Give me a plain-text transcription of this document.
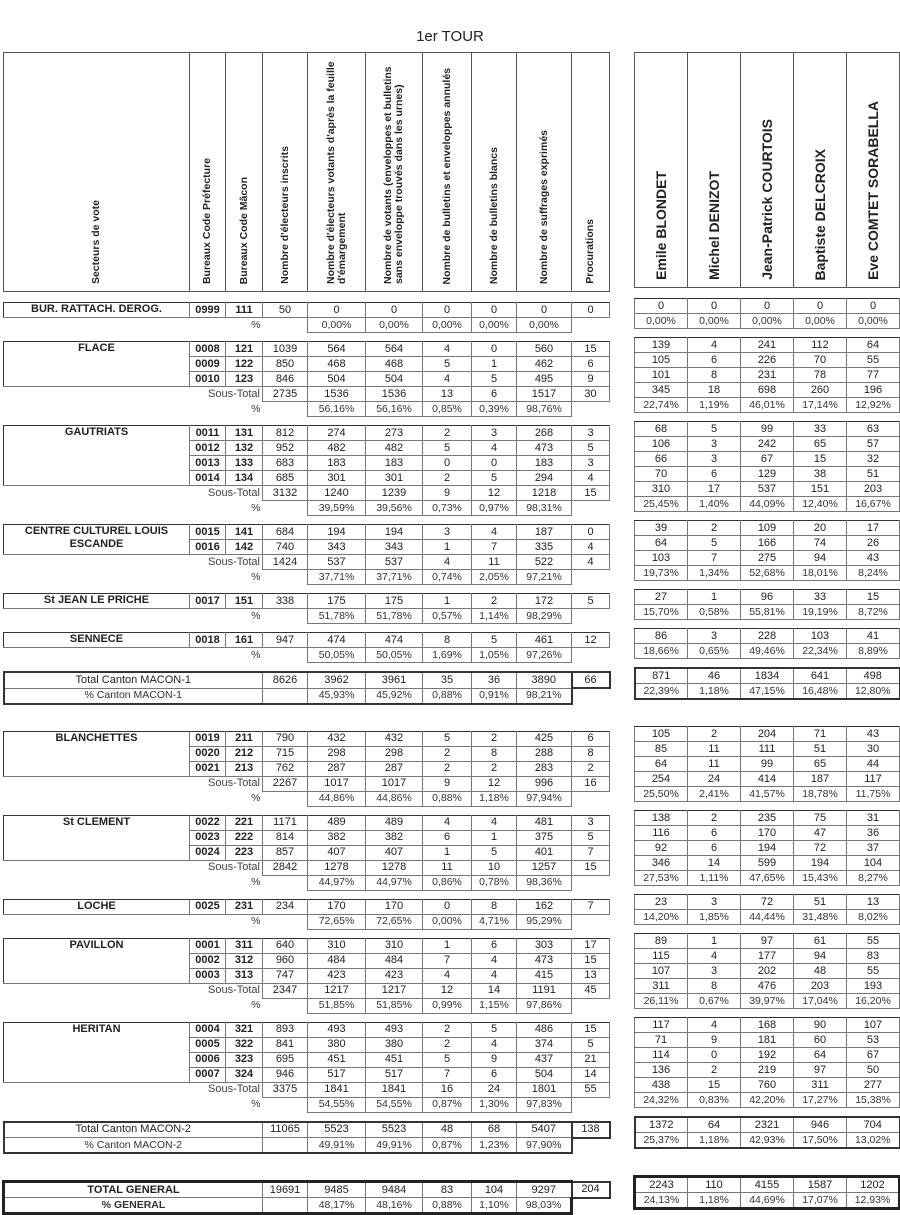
1er TOUR
Secteurs de vote	Bureaux Code Préfecture	Bureaux Code Mâcon	Nombre d'électeurs inscrits	Nombre d'électeurs votants d'après la feuille d'émargement	Nombre de votants (enveloppes et bulletins sans enveloppe trouvés dans les urnes)	Nombre de bulletins et enveloppes annulés	Nombre de bulletins blancs	Nombre de suffrages exprimés	Procurations

BUR. RATTACH. DEROG.	0999	111	50	0	0	0	0	0	0
%				0,00%	0,00%	0,00%	0,00%	0,00%	

FLACE	0008	121	1039	564	564	4	0	560	15
	0009	122	850	468	468	5	1	462	6
	0010	123	846	504	504	4	5	495	9
Sous-Total			2735	1536	1536	13	6	1517	30
%				56,16%	56,16%	0,85%	0,39%	98,76%	

GAUTRIATS	0011	131	812	274	273	2	3	268	3
	0012	132	952	482	482	5	4	473	5
	0013	133	683	183	183	0	0	183	3
	0014	134	685	301	301	2	5	294	4
Sous-Total			3132	1240	1239	9	12	1218	15
%				39,59%	39,56%	0,73%	0,97%	98,31%	

CENTRE CULTUREL LOUIS ESCANDE	0015	141	684	194	194	3	4	187	0
	0016	142	740	343	343	1	7	335	4
Sous-Total			1424	537	537	4	11	522	4
%				37,71%	37,71%	0,74%	2,05%	97,21%	

St JEAN LE PRICHE	0017	151	338	175	175	1	2	172	5
%				51,78%	51,78%	0,57%	1,14%	98,29%	

SENNECE	0018	161	947	474	474	8	5	461	12
%				50,05%	50,05%	1,69%	1,05%	97,26%	

Total Canton MACON-1			8626	3962	3961	35	36	3890	66
% Canton MACON-1				45,93%	45,92%	0,88%	0,91%	98,21%	

BLANCHETTES	0019	211	790	432	432	5	2	425	6
	0020	212	715	298	298	2	8	288	8
	0021	213	762	287	287	2	2	283	2
Sous-Total			2267	1017	1017	9	12	996	16
%				44,86%	44,86%	0,88%	1,18%	97,94%	

St CLEMENT	0022	221	1171	489	489	4	4	481	3
	0023	222	814	382	382	6	1	375	5
	0024	223	857	407	407	1	5	401	7
Sous-Total			2842	1278	1278	11	10	1257	15
%				44,97%	44,97%	0,86%	0,78%	98,36%	

LOCHE	0025	231	234	170	170	0	8	162	7
%				72,65%	72,65%	0,00%	4,71%	95,29%	

PAVILLON	0001	311	640	310	310	1	6	303	17
	0002	312	960	484	484	7	4	473	15
	0003	313	747	423	423	4	4	415	13
Sous-Total			2347	1217	1217	12	14	1191	45
%				51,85%	51,85%	0,99%	1,15%	97,86%	

HERITAN	0004	321	893	493	493	2	5	486	15
	0005	322	841	380	380	2	4	374	5
	0006	323	695	451	451	5	9	437	21
	0007	324	946	517	517	7	6	504	14
Sous-Total			3375	1841	1841	16	24	1801	55
%				54,55%	54,55%	0,87%	1,30%	97,83%	

Total Canton MACON-2			11065	5523	5523	48	68	5407	138
% Canton MACON-2				49,91%	49,91%	0,87%	1,23%	97,90%	

TOTAL GENERAL			19691	9485	9484	83	104	9297	204
% GENERAL				48,17%	48,16%	0,88%	1,10%	98,03%	
Emile BLONDET	Michel DENIZOT	Jean-Patrick COURTOIS	Baptiste DELCROIX	Eve COMTET SORABELLA

0	0	0	0	0
0,00%	0,00%	0,00%	0,00%	0,00%

139	4	241	112	64
105	6	226	70	55
101	8	231	78	77
345	18	698	260	196
22,74%	1,19%	46,01%	17,14%	12,92%

68	5	99	33	63
106	3	242	65	57
66	3	67	15	32
70	6	129	38	51
310	17	537	151	203
25,45%	1,40%	44,09%	12,40%	16,67%

39	2	109	20	17
64	5	166	74	26
103	7	275	94	43
19,73%	1,34%	52,68%	18,01%	8,24%

27	1	96	33	15
15,70%	0,58%	55,81%	19,19%	8,72%

86	3	228	103	41
18,66%	0,65%	49,46%	22,34%	8,89%

871	46	1834	641	498
22,39%	1,18%	47,15%	16,48%	12,80%

105	2	204	71	43
85	11	111	51	30
64	11	99	65	44
254	24	414	187	117
25,50%	2,41%	41,57%	18,78%	11,75%

138	2	235	75	31
116	6	170	47	36
92	6	194	72	37
346	14	599	194	104
27,53%	1,11%	47,65%	15,43%	8,27%

23	3	72	51	13
14,20%	1,85%	44,44%	31,48%	8,02%

89	1	97	61	55
115	4	177	94	83
107	3	202	48	55
311	8	476	203	193
26,11%	0,67%	39,97%	17,04%	16,20%

117	4	168	90	107
71	9	181	60	53
114	0	192	64	67
136	2	219	97	50
438	15	760	311	277
24,32%	0,83%	42,20%	17,27%	15,38%

1372	64	2321	946	704
25,37%	1,18%	42,93%	17,50%	13,02%

2243	110	4155	1587	1202
24,13%	1,18%	44,69%	17,07%	12,93%
